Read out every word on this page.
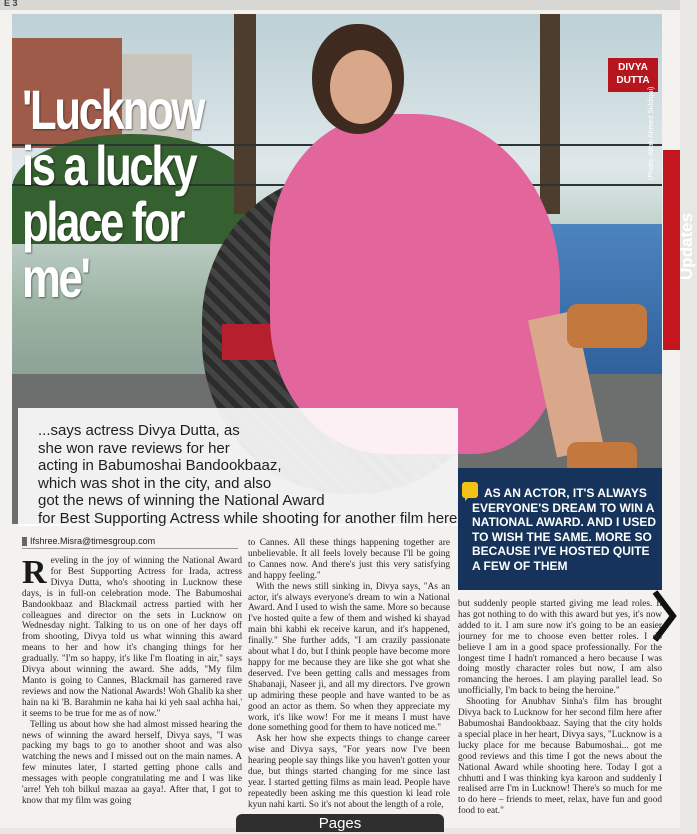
E 3
'Lucknow
is a lucky
place for
me'
DIVYA
DUTTA
(Photo: Aftab Ahmed Siddiqui)
Updates
...says actress Divya Dutta, as
she won rave reviews for her
acting in Babumoshai Bandookbaaz,
which was shot in the city, and also
got the news of winning the National Award
for Best Supporting Actress while shooting for another film here
AS AN ACTOR, IT'S ALWAYS
EVERYONE'S DREAM TO WIN A
NATIONAL AWARD. AND I USED
TO WISH THE SAME. MORE SO
BECAUSE I'VE HOSTED QUITE
A FEW OF THEM
Ifshree.Misra@timesgroup.com
R eveling in the joy of winning the National Award for Best Supporting Actress for Irada, actress Divya Dutta, who's shooting in Lucknow these days, is in full-on celebration mode. The Babumoshai Bandookbaaz and Blackmail actress partied with her colleagues and director on the sets in Lucknow on Wednesday night. Talking to us on one of her days off from shooting, Divya told us what winning this award means to her and how it's changing things for her gradually. "I'm so happy, it's like I'm floating in air," says Divya about winning the award. She adds, "My film Manto is going to Cannes, Blackmail has garnered rave reviews and now the National Awards! Woh Ghalib ka sher hain na ki 'B. Barahmin ne kaha hai ki yeh saal achha hai,' it seems to be true for me as of now."

Telling us about how she had almost missed hearing the news of winning the award herself, Divya says, "I was packing my bags to go to another shoot and was also watching the news and I missed out on the main names. A few minutes later, I started getting phone calls and messages with people congratulating me and I was like 'arre! Yeh toh bilkul mazaa aa gaya!. After that, I got to know that my film was going

to Cannes. All these things happening together are unbelievable. It all feels lovely because I'll be going to Cannes now. And there's just this very satisfying and happy feeling."

With the news still sinking in, Divya says, "As an actor, it's always everyone's dream to win a National Award. And I used to wish the same. More so because I've hosted quite a few of them and wished ki shayad main bhi kabhi ek receive karun, and it's happened, finally." She further adds, "I am crazily passionate about what I do, but I think people have become more happy for me because they are like she got what she deserved. I've been getting calls and messages from Shabanaji, Naseer ji, and all my directors. I've grown up admiring these people and have wanted to be as good an actor as them. So when they appreciate my work, it's like wow! For me it means I must have done something good for them to have noticed me."

Ask her how she expects things to change career wise and Divya says, "For years now I've been hearing people say things like you haven't gotten your due, but things started changing for me since last year. I started getting films as main lead. People have repeatedly been asking me this question ki lead role kyun nahi karti. So it's not about the length of a role,

but suddenly people started giving me lead roles. It has got nothing to do with this award but yes, it's now added to it. I am sure now it's going to be an easier journey for me to choose even better roles. I do believe I am in a good space professionally. For the longest time I hadn't romanced a hero because I was doing mostly character roles but now, I am also romancing the heroes. I am playing parallel lead. So unofficially, I'm back to being the heroine."

Shooting for Anubhav Sinha's film has brought Divya back to Lucknow for her second film here after Babumoshai Bandookbaaz. Saying that the city holds a special place in her heart, Divya says, "Lucknow is a lucky place for me because Babumoshai... got me good reviews and this time I got the news about the National Award while shooting here. Today I got a chhutti and I was thinking kya karoon and suddenly I realised arre I'm in Lucknow! There's so much for me to do here – friends to meet, relax, have fun and good food to eat."

Pages
